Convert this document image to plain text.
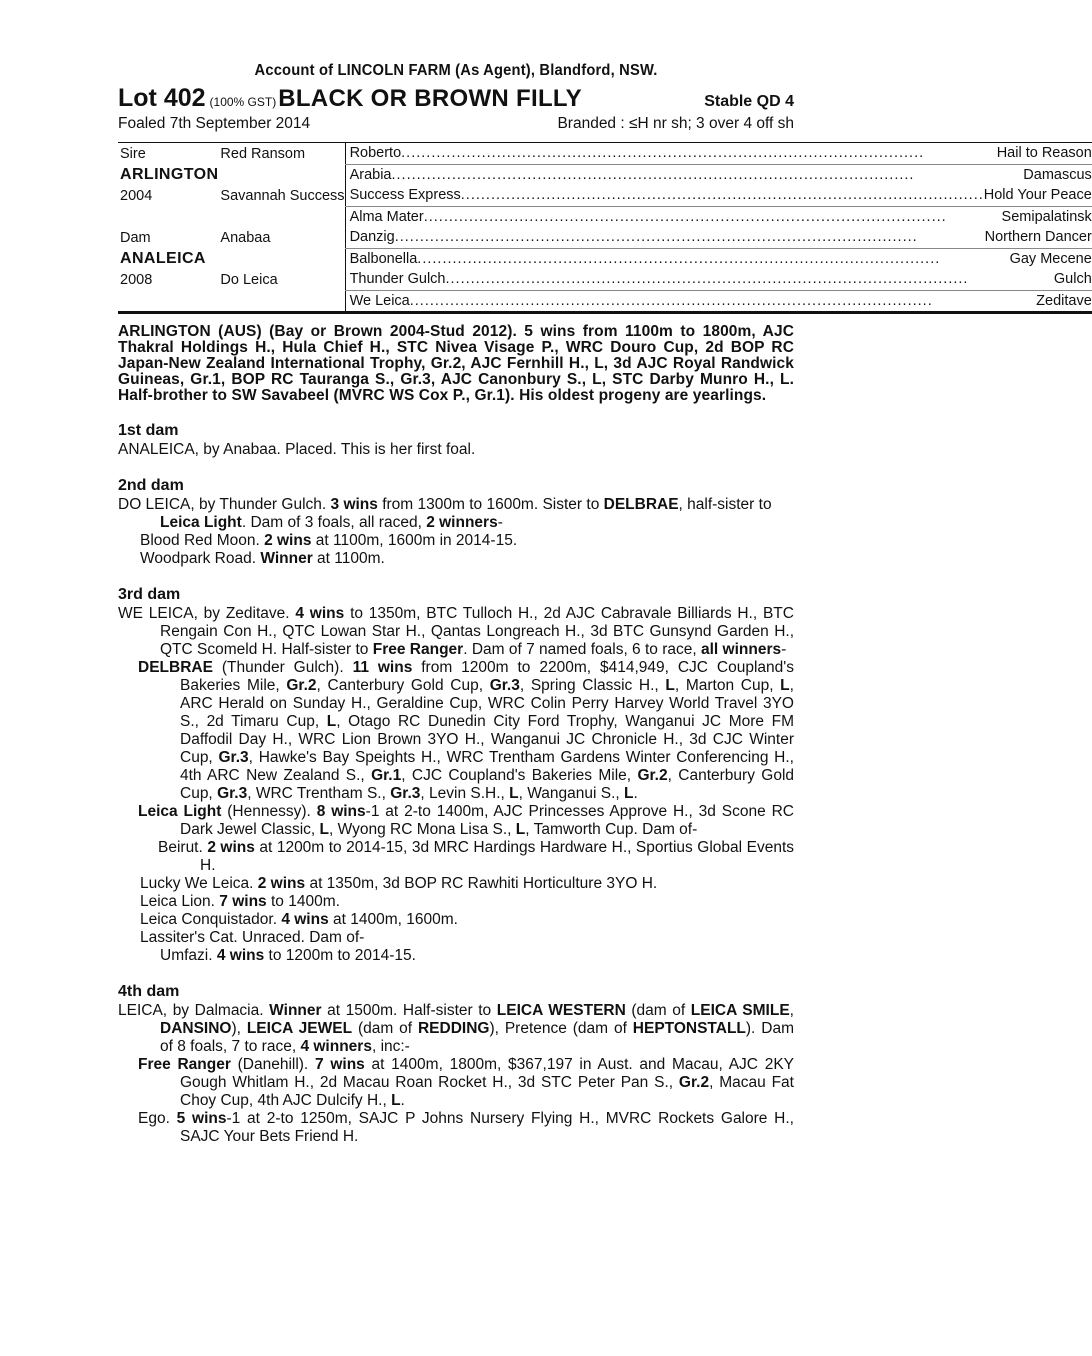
Account of LINCOLN FARM (As Agent), Blandford, NSW.
Lot 402 (100% GST) BLACK OR BROWN FILLY	Stable QD 4
Foaled 7th September 2014	Branded : ≤H nr sh; 3 over 4 off sh
Sire	Red Ransom	Roberto ..... Hail to Reason

ARLINGTON		Arabia ..... Damascus

2004	Savannah Success	Success Express ..... Hold Your Peace

		Alma Mater ..... Semipalatinsk

Dam	Anabaa	Danzig ..... Northern Dancer

ANALEICA		Balbonella ..... Gay Mecene

2008	Do Leica	Thunder Gulch ..... Gulch

		We Leica ..... Zeditave
ARLINGTON (AUS) (Bay or Brown 2004-Stud 2012). 5 wins from 1100m to 1800m, AJC Thakral Holdings H., Hula Chief H., STC Nivea Visage P., WRC Douro Cup, 2d BOP RC Japan-New Zealand International Trophy, Gr.2, AJC Fernhill H., L, 3d AJC Royal Randwick Guineas, Gr.1, BOP RC Tauranga S., Gr.3, AJC Canonbury S., L, STC Darby Munro H., L. Half-brother to SW Savabeel (MVRC WS Cox P., Gr.1). His oldest progeny are yearlings.
1st dam
ANALEICA, by Anabaa. Placed. This is her first foal.
2nd dam
DO LEICA, by Thunder Gulch. 3 wins from 1300m to 1600m. Sister to DELBRAE, half-sister to Leica Light. Dam of 3 foals, all raced, 2 winners-
Blood Red Moon. 2 wins at 1100m, 1600m in 2014-15.
Woodpark Road. Winner at 1100m.
3rd dam
WE LEICA, by Zeditave. 4 wins to 1350m, BTC Tulloch H., 2d AJC Cabravale Billiards H., BTC Rengain Con H., QTC Lowan Star H., Qantas Longreach H., 3d BTC Gunsynd Garden H., QTC Scomeld H. Half-sister to Free Ranger. Dam of 7 named foals, 6 to race, all winners-
DELBRAE (Thunder Gulch). 11 wins from 1200m to 2200m, $414,949, CJC Coupland's Bakeries Mile, Gr.2, Canterbury Gold Cup, Gr.3, Spring Classic H., L, Marton Cup, L, ARC Herald on Sunday H., Geraldine Cup, WRC Colin Perry Harvey World Travel 3YO S., 2d Timaru Cup, L, Otago RC Dunedin City Ford Trophy, Wanganui JC More FM Daffodil Day H., WRC Lion Brown 3YO H., Wanganui JC Chronicle H., 3d CJC Winter Cup, Gr.3, Hawke's Bay Speights H., WRC Trentham Gardens Winter Conferencing H., 4th ARC New Zealand S., Gr.1, CJC Coupland's Bakeries Mile, Gr.2, Canterbury Gold Cup, Gr.3, WRC Trentham S., Gr.3, Levin S.H., L, Wanganui S., L.
Leica Light (Hennessy). 8 wins-1 at 2-to 1400m, AJC Princesses Approve H., 3d Scone RC Dark Jewel Classic, L, Wyong RC Mona Lisa S., L, Tamworth Cup. Dam of-
Beirut. 2 wins at 1200m to 2014-15, 3d MRC Hardings Hardware H., Sportius Global Events H.
Lucky We Leica. 2 wins at 1350m, 3d BOP RC Rawhiti Horticulture 3YO H.
Leica Lion. 7 wins to 1400m.
Leica Conquistador. 4 wins at 1400m, 1600m.
Lassiter's Cat. Unraced. Dam of-
Umfazi. 4 wins to 1200m to 2014-15.
4th dam
LEICA, by Dalmacia. Winner at 1500m. Half-sister to LEICA WESTERN (dam of LEICA SMILE, DANSINO), LEICA JEWEL (dam of REDDING), Pretence (dam of HEPTONSTALL). Dam of 8 foals, 7 to race, 4 winners, inc:-
Free Ranger (Danehill). 7 wins at 1400m, 1800m, $367,197 in Aust. and Macau, AJC 2KY Gough Whitlam H., 2d Macau Roan Rocket H., 3d STC Peter Pan S., Gr.2, Macau Fat Choy Cup, 4th AJC Dulcify H., L.
Ego. 5 wins-1 at 2-to 1250m, SAJC P Johns Nursery Flying H., MVRC Rockets Galore H., SAJC Your Bets Friend H.
